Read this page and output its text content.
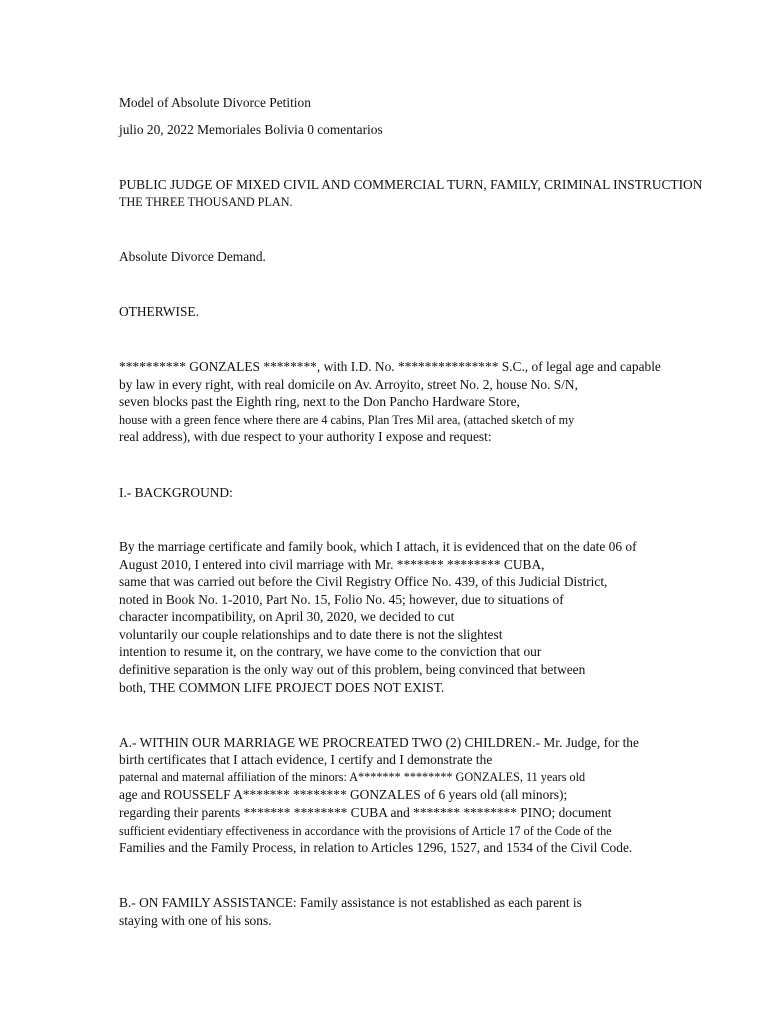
Model of Absolute Divorce Petition
julio 20, 2022 Memoriales Bolivia 0 comentarios
PUBLIC JUDGE OF MIXED CIVIL AND COMMERCIAL TURN, FAMILY, CRIMINAL INSTRUCTION
THE THREE THOUSAND PLAN.
Absolute Divorce Demand.
OTHERWISE.
********** GONZALES ********, with I.D. No. *************** S.C., of legal age and capable
by law in every right, with real domicile on Av. Arroyito, street No. 2, house No. S/N,
seven blocks past the Eighth ring, next to the Don Pancho Hardware Store,
house with a green fence where there are 4 cabins, Plan Tres Mil area, (attached sketch of my
real address), with due respect to your authority I expose and request:
I.- BACKGROUND:
By the marriage certificate and family book, which I attach, it is evidenced that on the date 06 of
August 2010, I entered into civil marriage with Mr. ******* ******** CUBA,
same that was carried out before the Civil Registry Office No. 439, of this Judicial District,
noted in Book No. 1-2010, Part No. 15, Folio No. 45; however, due to situations of
character incompatibility, on April 30, 2020, we decided to cut
voluntarily our couple relationships and to date there is not the slightest
intention to resume it, on the contrary, we have come to the conviction that our
definitive separation is the only way out of this problem, being convinced that between
both, THE COMMON LIFE PROJECT DOES NOT EXIST.
A.- WITHIN OUR MARRIAGE WE PROCREATED TWO (2) CHILDREN.- Mr. Judge, for the
birth certificates that I attach evidence, I certify and I demonstrate the
paternal and maternal affiliation of the minors: A******* ******** GONZALES, 11 years old
age and ROUSSELF A******* ******** GONZALES of 6 years old (all minors);
regarding their parents ******* ******** CUBA and ******* ******** PINO; document
sufficient evidentiary effectiveness in accordance with the provisions of Article 17 of the Code of the
Families and the Family Process, in relation to Articles 1296, 1527, and 1534 of the Civil Code.
B.- ON FAMILY ASSISTANCE: Family assistance is not established as each parent is
staying with one of his sons.
